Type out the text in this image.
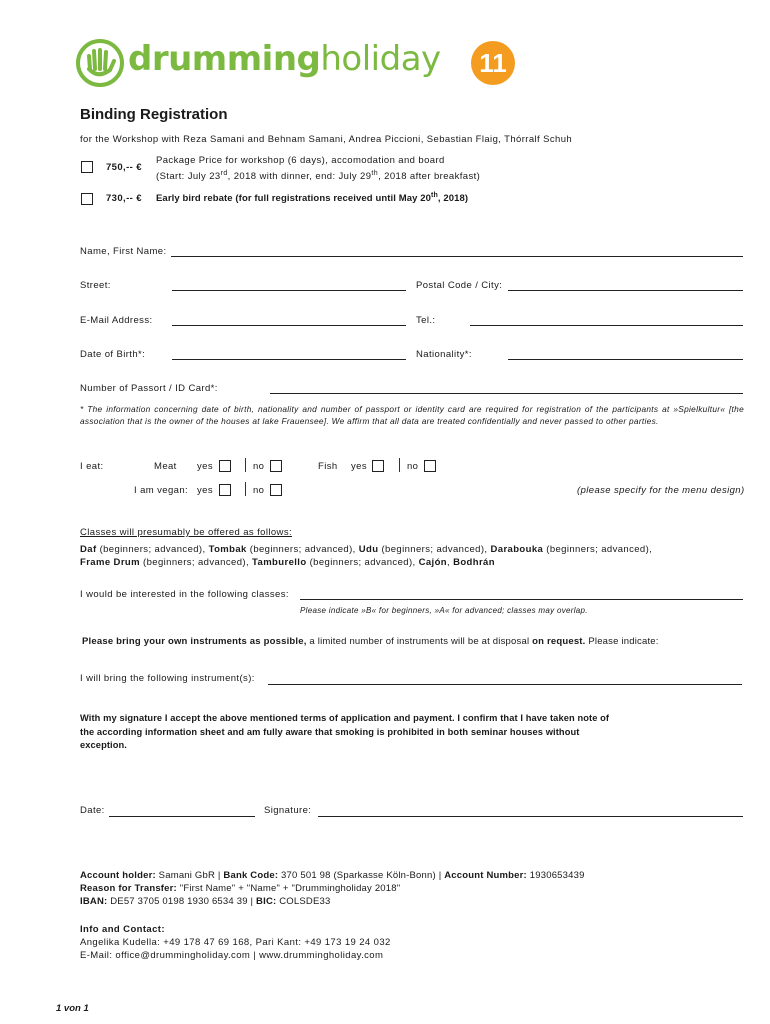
drummingholiday	11
Binding Registration
for the Workshop with Reza Samani and Behnam Samani, Andrea Piccioni, Sebastian Flaig, Thórralf Schuh
750,-- €
Package Price for workshop (6 days), accomodation and board
(Start: July 23rd, 2018 with dinner, end: July 29th, 2018 after breakfast)
730,-- € Early bird rebate (for full registrations received until May 20th, 2018)
Name, First Name:
Street:	Postal Code / City:
E-Mail Address:	Tel.:
Date of Birth*:	Nationality*:
Number of Passort / ID Card*:
* The information concerning date of birth, nationality and number of passport or identity card are required for registration of the participants at »Spielkultur« [the association that is the owner of the houses at lake Frauensee]. We affirm that all data are treated confidentially and never passed to other parties.
I eat:	Meat yes	no	Fish yes	no
I am vegan: yes	no	(please specify for the menu design)
Classes will presumably be offered as follows:
Daf (beginners; advanced), Tombak (beginners; advanced), Udu (beginners; advanced), Darabouka (beginners; advanced),
Frame Drum (beginners; advanced), Tamburello (beginners; advanced), Cajón, Bodhrán
I would be interested in the following classes:
Please indicate »B« for beginners, »A« for advanced; classes may overlap.
Please bring your own instruments as possible, a limited number of instruments will be at disposal on request. Please indicate:
I will bring the following instrument(s):
With my signature I accept the above mentioned terms of application and payment. I confirm that I have taken note of the according information sheet and am fully aware that smoking is prohibited in both seminar houses without exception.
Date:	Signature:
Account holder: Samani GbR | Bank Code: 370 501 98 (Sparkasse Köln-Bonn) | Account Number: 1930653439
Reason for Transfer: "First Name" + "Name" + "Drummingholiday 2018"
IBAN: DE57 3705 0198 1930 6534 39 | BIC: COLSDE33
Info and Contact:
Angelika Kudella: +49 178 47 69 168, Pari Kant: +49 173 19 24 032
E-Mail: office@drummingholiday.com | www.drummingholiday.com
1 von 1
